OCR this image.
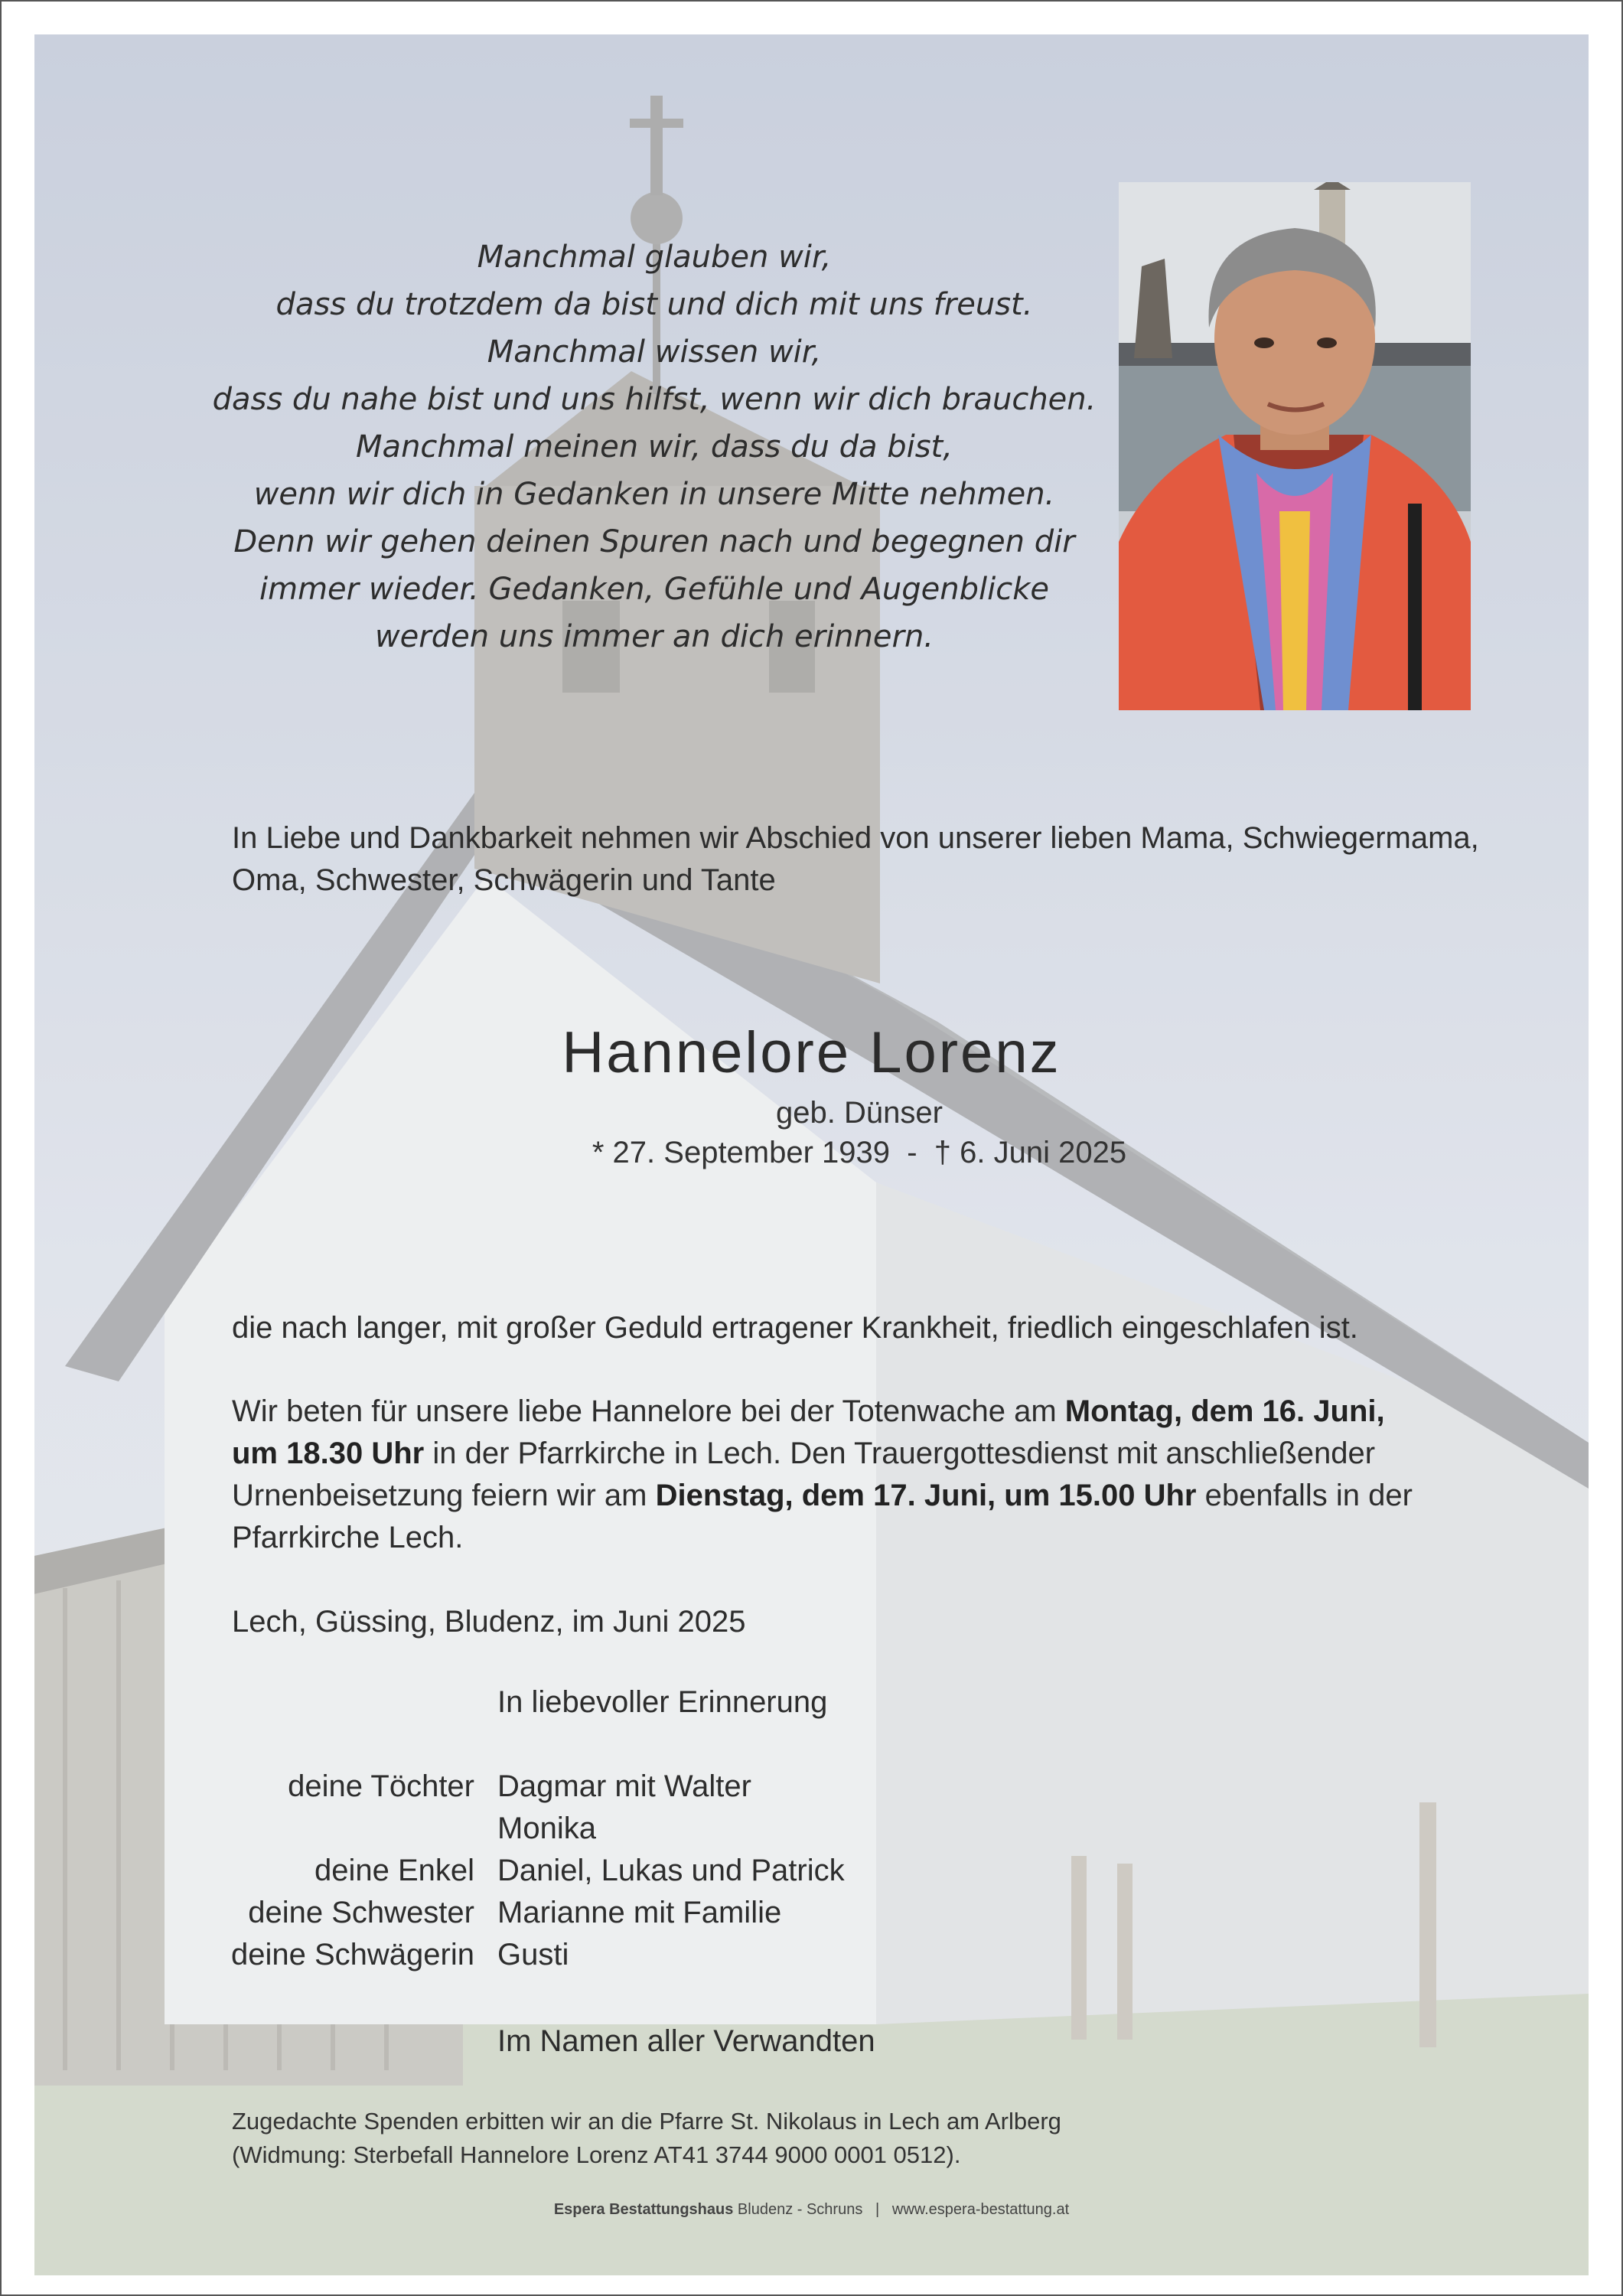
Manchmal glauben wir,
dass du trotzdem da bist und dich mit uns freust.
Manchmal wissen wir,
dass du nahe bist und uns hilfst, wenn wir dich brauchen.
Manchmal meinen wir, dass du da bist,
wenn wir dich in Gedanken in unsere Mitte nehmen.
Denn wir gehen deinen Spuren nach und begegnen dir
immer wieder. Gedanken, Gefühle und Augenblicke
werden uns immer an dich erinnern.
In Liebe und Dankbarkeit nehmen wir Abschied von unserer lieben Mama, Schwiegermama, Oma, Schwester, Schwägerin und Tante
Hannelore Lorenz
geb. Dünser
* 27. September 1939  -  † 6. Juni 2025
die nach langer, mit großer Geduld ertragener Krankheit, friedlich eingeschlafen ist.
Wir beten für unsere liebe Hannelore bei der Totenwache am Montag, dem 16. Juni, um 18.30 Uhr in der Pfarrkirche in Lech. Den Trauergottesdienst mit anschließender Urnenbeisetzung feiern wir am Dienstag, dem 17. Juni, um 15.00 Uhr ebenfalls in der Pfarrkirche Lech.
Lech, Güssing, Bludenz, im Juni 2025
In liebevoller Erinnerung
deine Töchter Dagmar mit Walter
Monika
deine Enkel Daniel, Lukas und Patrick
deine Schwester Marianne mit Familie
deine Schwägerin Gusti
Im Namen aller Verwandten
Zugedachte Spenden erbitten wir an die Pfarre St. Nikolaus in Lech am Arlberg
(Widmung: Sterbefall Hannelore Lorenz AT41 3744 9000 0001 0512).
Espera Bestattungshaus Bludenz - Schruns   |   www.espera-bestattung.at
